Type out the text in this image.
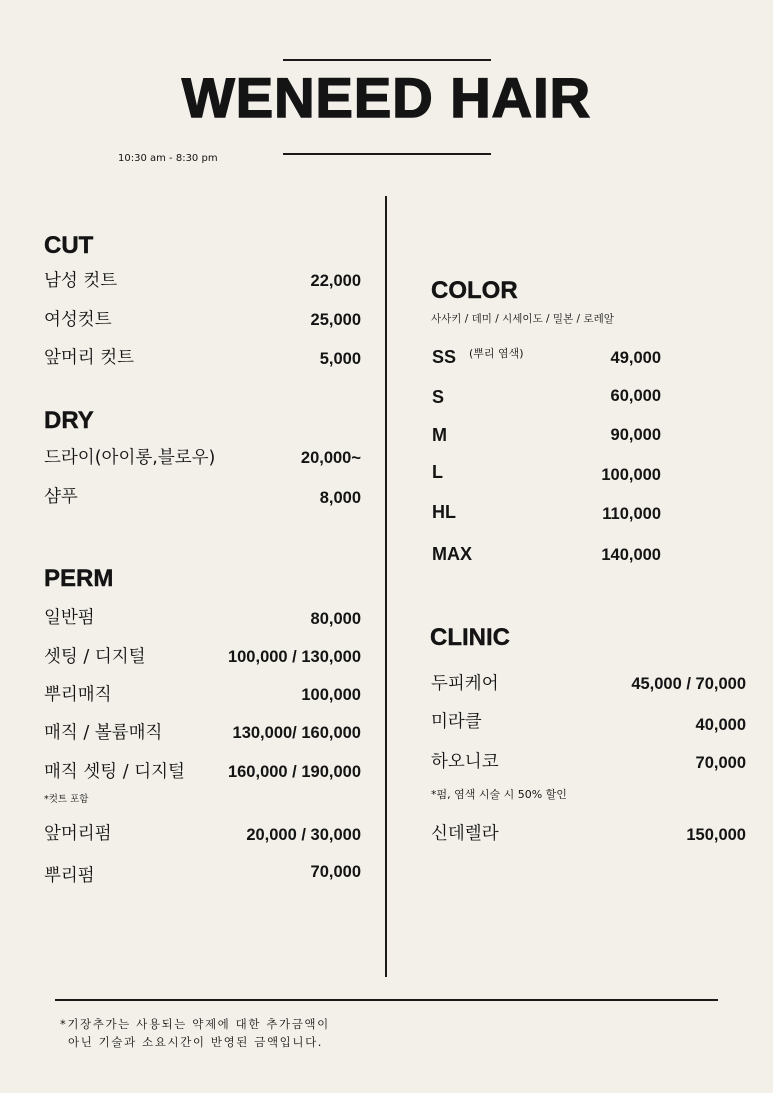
WENEED HAIR
10:30 am - 8:30 pm
CUT
남성 컷트	22,000
여성컷트	25,000
앞머리 컷트	5,000
DRY
드라이(아이롱,블로우)	20,000~
샴푸	8,000
PERM
일반펌	80,000
셋팅 / 디지털	100,000 / 130,000
뿌리매직	100,000
매직 / 볼륨매직	130,000/ 160,000
매직 셋팅 / 디지털	160,000 / 190,000
*컷트 포함
앞머리펌	20,000 / 30,000
뿌리펌	70,000
COLOR
사사키 / 데미 / 시세이도 / 밀본 / 로레알
SS (뿌리 염색)	49,000
S	60,000
M	90,000
L	100,000
HL	110,000
MAX	140,000
CLINIC
두피케어	45,000 / 70,000
미라클	40,000
하오니코	70,000
*펌, 염색 시술 시 50% 할인
신데렐라	150,000
*기장추가는 사용되는 약제에 대한 추가금액이
아닌 기술과 소요시간이 반영된 금액입니다.
